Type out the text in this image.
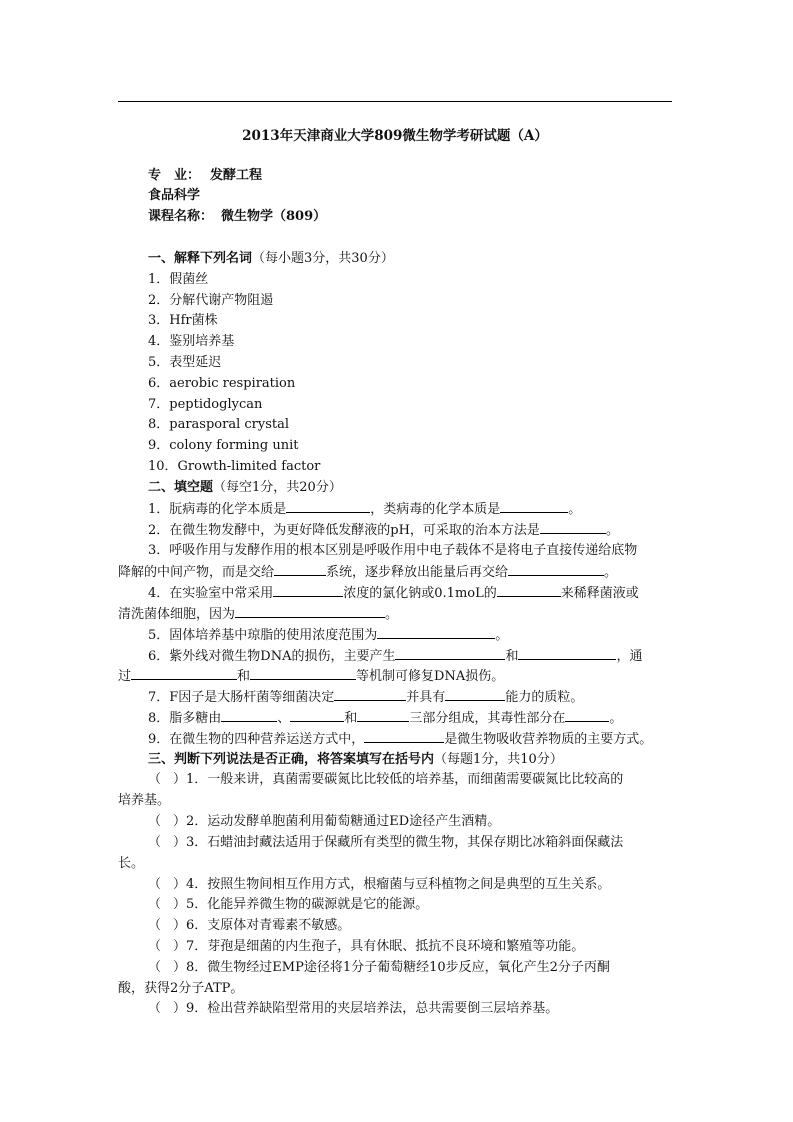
2013年天津商业大学809微生物学考研试题（A）
专　业： 发酵工程
食品科学
课程名称： 微生物学（809）
一、解释下列名词（每小题3分，共30分）
1．假菌丝
2．分解代谢产物阻遏
3．Hfr菌株
4．鉴别培养基
5．表型延迟
6．aerobic respiration
7．peptidoglycan
8．parasporal crystal
9．colony forming unit
10．Growth-limited factor
二、填空题（每空1分，共20分）
1．朊病毒的化学本质是	，类病毒的化学本质是	。
2．在微生物发酵中，为更好降低发酵液的pH，可采取的治本方法是	。
3．呼吸作用与发酵作用的根本区别是呼吸作用中电子载体不是将电子直接传递给底物
降解的中间产物，而是交给	系统，逐步释放出能量后再交给	。
4．在实验室中常采用	浓度的氯化钠或0.1moL的	来稀释菌液或
清洗菌体细胞，因为	。
5．固体培养基中琼脂的使用浓度范围为	。
6．紫外线对微生物DNA的损伤，主要产生	和	，通
过	和	等机制可修复DNA损伤。
7．F因子是大肠杆菌等细菌决定	并具有	能力的质粒。
8．脂多糖由	、	和	三部分组成，其毒性部分在	。
9．在微生物的四种营养运送方式中，	是微生物吸收营养物质的主要方式。
三、判断下列说法是否正确，将答案填写在括号内（每题1分，共10分）
（ ）1．一般来讲，真菌需要碳氮比比较低的培养基，而细菌需要碳氮比比较高的
培养基。
（ ）2．运动发酵单胞菌利用葡萄糖通过ED途径产生酒精。
（ ）3．石蜡油封藏法适用于保藏所有类型的微生物，其保存期比冰箱斜面保藏法
长。
（ ）4．按照生物间相互作用方式，根瘤菌与豆科植物之间是典型的互生关系。
（ ）5．化能异养微生物的碳源就是它的能源。
（ ）6．支原体对青霉素不敏感。
（ ）7．芽孢是细菌的内生孢子，具有休眠、抵抗不良环境和繁殖等功能。
（ ）8．微生物经过EMP途径将1分子葡萄糖经10步反应，氧化产生2分子丙酮
酸，获得2分子ATP。
（ ）9．检出营养缺陷型常用的夹层培养法，总共需要倒三层培养基。
